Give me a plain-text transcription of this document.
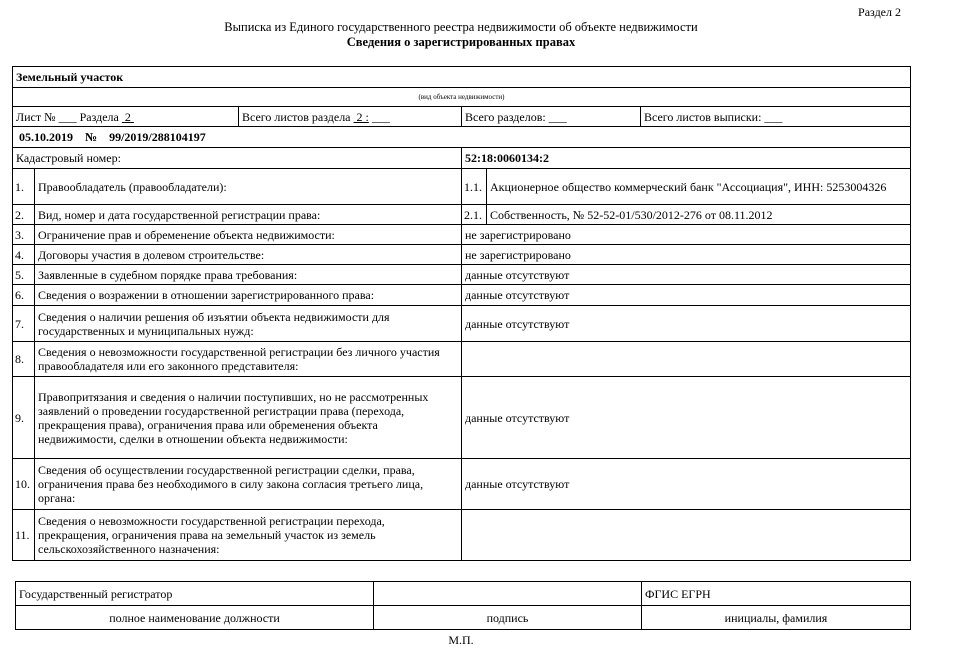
Раздел 2
Выписка из Единого государственного реестра недвижимости об объекте недвижимости
Сведения о зарегистрированных правах
Земельный участок					
(вид объекта недвижимости)					
Лист № ___ Раздела 2		Всего листов раздела 2 : ___	Всего разделов: ___		Всего листов выписки: ___
05.10.2019 № 99/2019/288104197					
Кадастровый номер:			52:18:0060134:2		
1.	Правообладатель (правообладатели):		1.1.	Акционерное общество коммерческий банк "Ассоциация", ИНН: 5253004326	
2.	Вид, номер и дата государственной регистрации права:		2.1.	Собственность, № 52-52-01/530/2012-276 от 08.11.2012	
3.	Ограничение прав и обременение объекта недвижимости:		не зарегистрировано		
4.	Договоры участия в долевом строительстве:		не зарегистрировано		
5.	Заявленные в судебном порядке права требования:		данные отсутствуют		
6.	Сведения о возражении в отношении зарегистрированного права:		данные отсутствуют		
7.	Сведения о наличии решения об изъятии объекта недвижимости для государственных и муниципальных нужд:		данные отсутствуют		
8.	Сведения о невозможности государственной регистрации без личного участия правообладателя или его законного представителя:				
9.	Правопритязания и сведения о наличии поступивших, но не рассмотренных заявлений о проведении государственной регистрации права (перехода, прекращения права), ограничения права или обременения объекта недвижимости, сделки в отношении объекта недвижимости:		данные отсутствуют		
10.	Сведения об осуществлении государственной регистрации сделки, права, ограничения права без необходимого в силу закона согласия третьего лица, органа:		данные отсутствуют		
11.	Сведения о невозможности государственной регистрации перехода, прекращения, ограничения права на земельный участок из земель сельскохозяйственного назначения:				
Государственный регистратор		ФГИС ЕГРН
полное наименование должности	подпись	инициалы, фамилия
М.П.
